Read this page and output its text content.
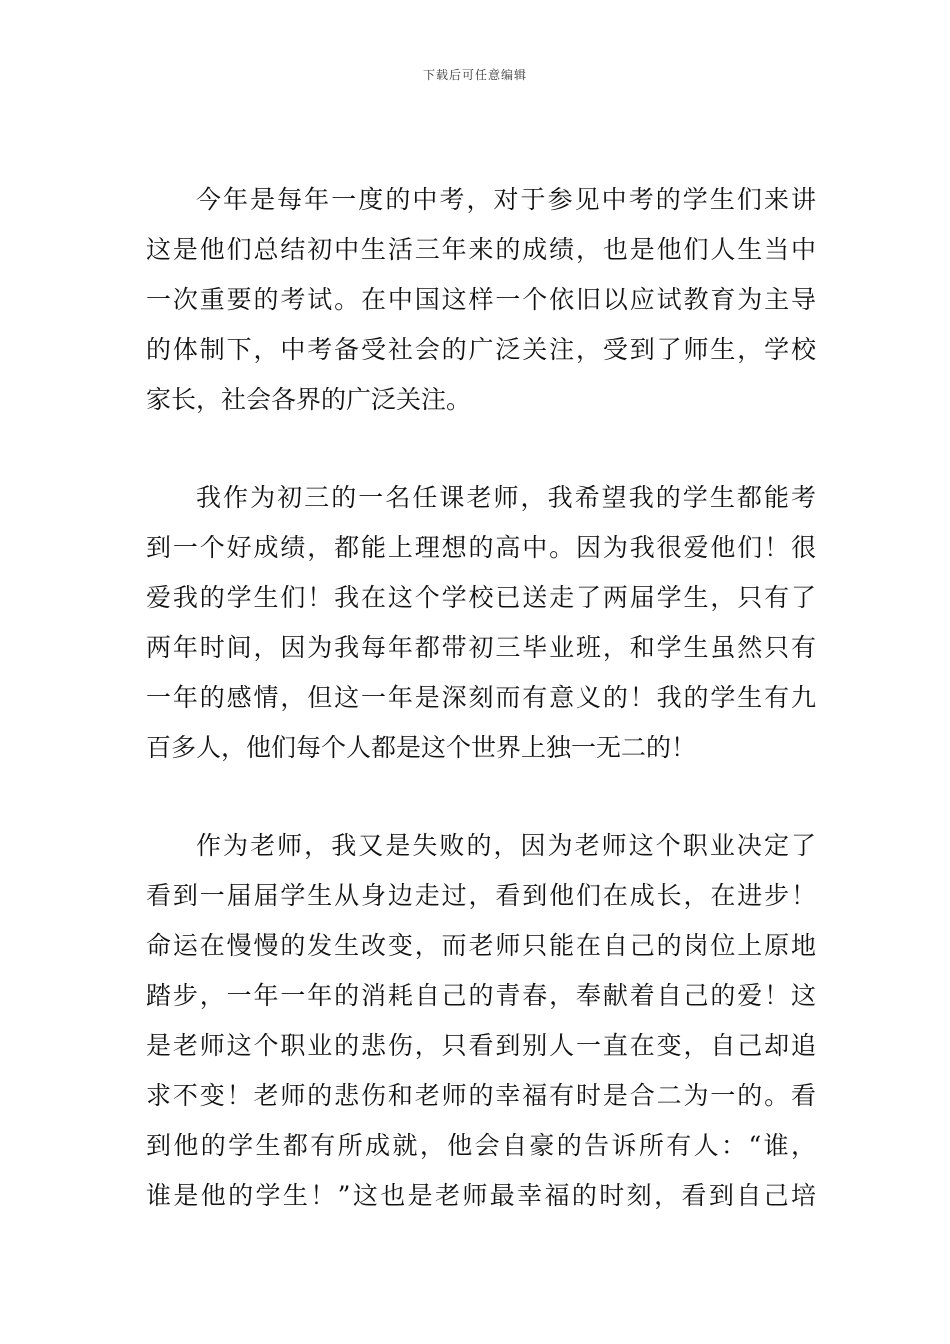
下载后可任意编辑
今年是每年一度的中考，对于参见中考的学生们来讲
这是他们总结初中生活三年来的成绩，也是他们人生当中
一次重要的考试。在中国这样一个依旧以应试教育为主导
的体制下，中考备受社会的广泛关注，受到了师生，学校
家长，社会各界的广泛关注。
我作为初三的一名任课老师，我希望我的学生都能考
到一个好成绩，都能上理想的高中。因为我很爱他们！很
爱我的学生们！我在这个学校已送走了两届学生，只有了
两年时间，因为我每年都带初三毕业班，和学生虽然只有
一年的感情，但这一年是深刻而有意义的！我的学生有九
百多人，他们每个人都是这个世界上独一无二的！
作为老师，我又是失败的，因为老师这个职业决定了
看到一届届学生从身边走过，看到他们在成长，在进步！
命运在慢慢的发生改变，而老师只能在自己的岗位上原地
踏步，一年一年的消耗自己的青春，奉献着自己的爱！这
是老师这个职业的悲伤，只看到别人一直在变，自己却追
求不变！老师的悲伤和老师的幸福有时是合二为一的。看
到他的学生都有所成就，他会自豪的告诉所有人：“谁，
谁是他的学生！”这也是老师最幸福的时刻，看到自己培
